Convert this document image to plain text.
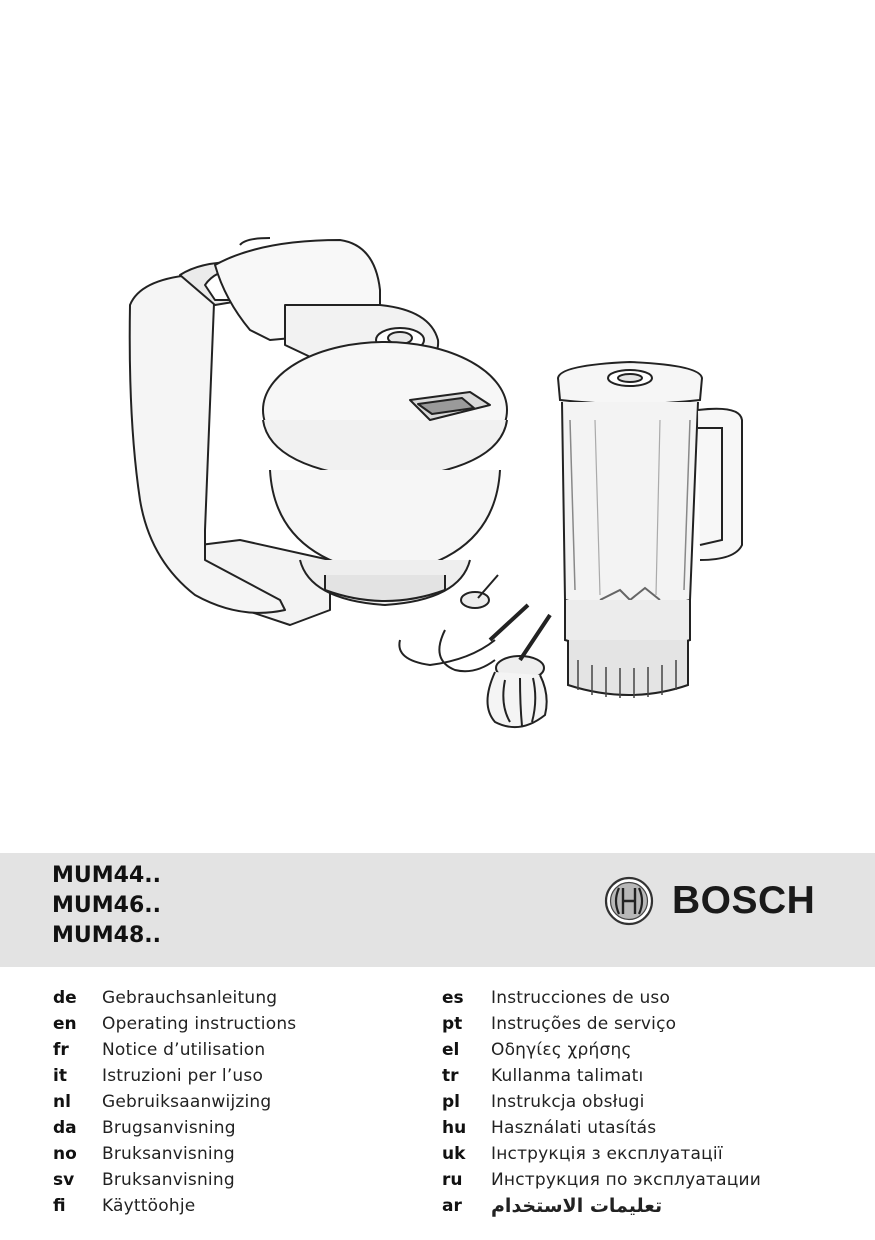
MUM44..
MUM46..
MUM48..
BOSCH
de	Gebrauchsanleitung
en	Operating instructions
fr	Notice d’utilisation
it	Istruzioni per l’uso
nl	Gebruiksaanwijzing
da	Brugsanvisning
no	Bruksanvisning
sv	Bruksanvisning
fi	Käyttöohje
es	Instrucciones de uso
pt	Instruções de serviço
el	Οδηγίες χρήσης
tr	Kullanma talimatı
pl	Instrukcja obsługi
hu	Használati utasítás
uk	Інструкція з експлуатації
ru	Инструкция по эксплуатации
ar	تعليمات الاستخدام
